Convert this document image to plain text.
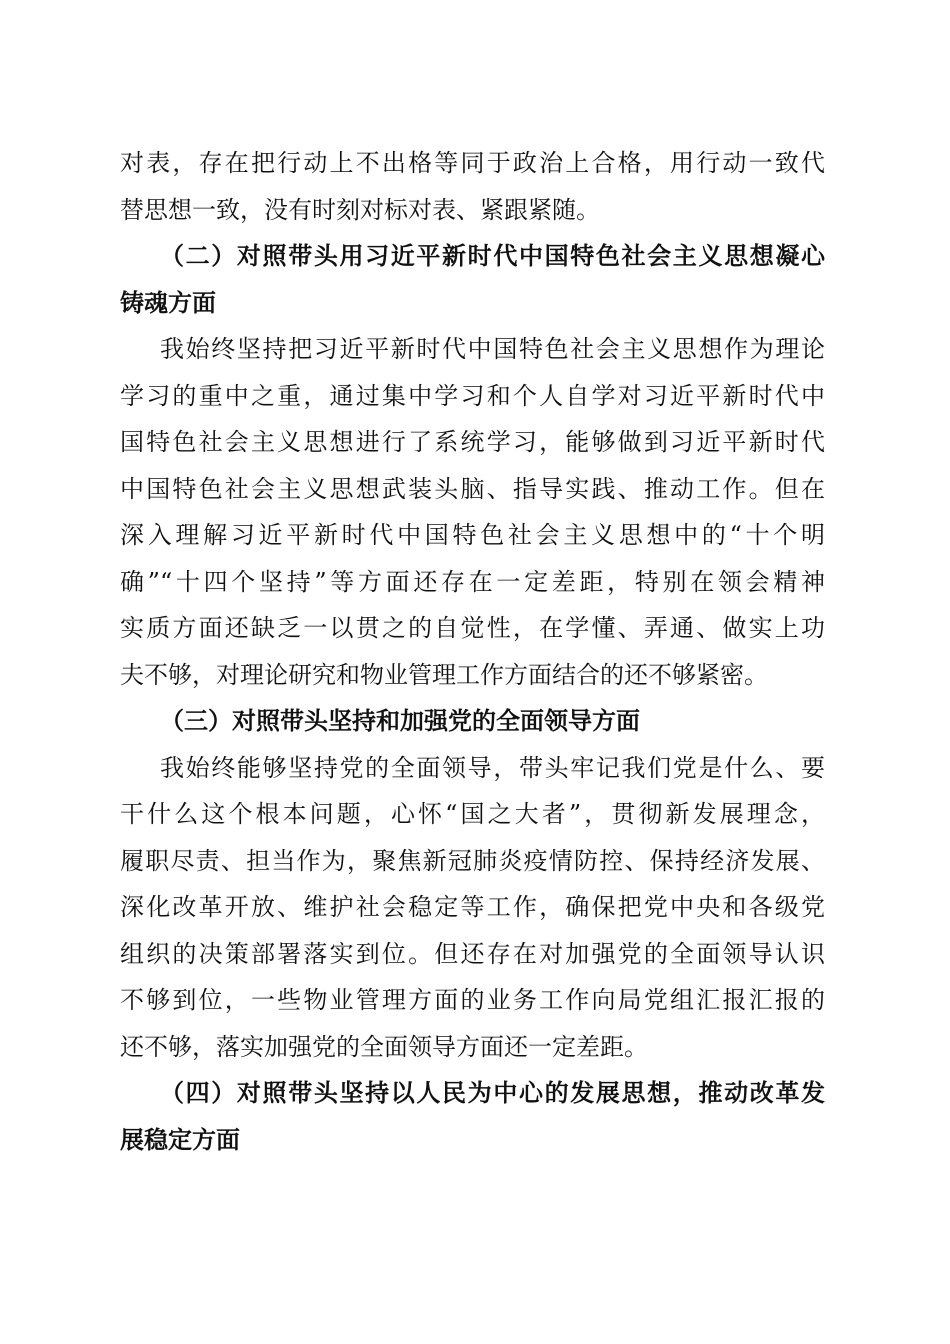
对表，存在把行动上不出格等同于政治上合格，用行动一致代
替思想一致，没有时刻对标对表、紧跟紧随。
（二）对照带头用习近平新时代中国特色社会主义思想凝心
铸魂方面
我始终坚持把习近平新时代中国特色社会主义思想作为理论
学习的重中之重，通过集中学习和个人自学对习近平新时代中
国特色社会主义思想进行了系统学习，能够做到习近平新时代
中国特色社会主义思想武装头脑、指导实践、推动工作。但在
深入理解习近平新时代中国特色社会主义思想中的“十个明
确”“十四个坚持”等方面还存在一定差距，特别在领会精神
实质方面还缺乏一以贯之的自觉性，在学懂、弄通、做实上功
夫不够，对理论研究和物业管理工作方面结合的还不够紧密。
（三）对照带头坚持和加强党的全面领导方面
我始终能够坚持党的全面领导，带头牢记我们党是什么、要
干什么这个根本问题，心怀“国之大者”，贯彻新发展理念，
履职尽责、担当作为，聚焦新冠肺炎疫情防控、保持经济发展、
深化改革开放、维护社会稳定等工作，确保把党中央和各级党
组织的决策部署落实到位。但还存在对加强党的全面领导认识
不够到位，一些物业管理方面的业务工作向局党组汇报汇报的
还不够，落实加强党的全面领导方面还一定差距。
（四）对照带头坚持以人民为中心的发展思想，推动改革发
展稳定方面
